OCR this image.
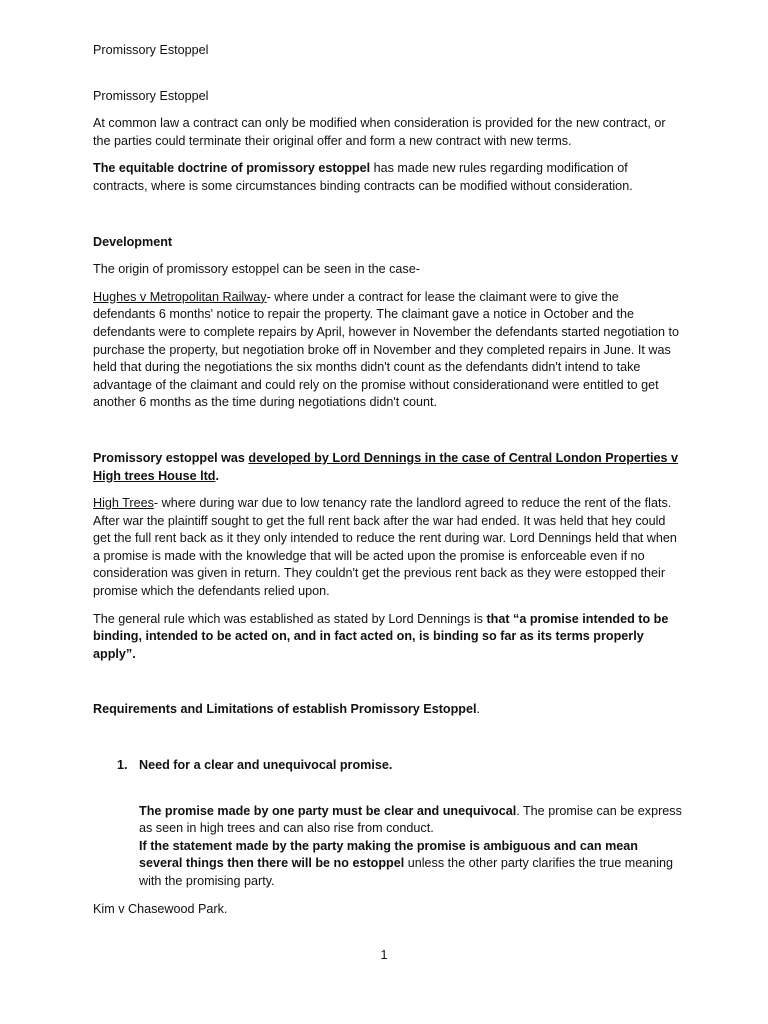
Promissory Estoppel

Promissory Estoppel

At common law a contract can only be modified when consideration is provided for the new contract, or the parties could terminate their original offer and form a new contract with new terms.

The equitable doctrine of promissory estoppel has made new rules regarding modification of contracts, where is some circumstances binding contracts can be modified without consideration.

Development

The origin of promissory estoppel can be seen in the case-

Hughes v Metropolitan Railway- where under a contract for lease the claimant were to give the defendants 6 months' notice to repair the property. The claimant gave a notice in October and the defendants were to complete repairs by April, however in November the defendants started negotiation to purchase the property, but negotiation broke off in November and they completed repairs in June. It was held that during the negotiations the six months didn't count as the defendants didn't intend to take advantage of the claimant and could rely on the promise without considerationand were entitled to get another 6 months as the time during negotiations didn't count.

Promissory estoppel was developed by Lord Dennings in the case of Central London Properties v High trees House ltd.

High Trees- where during war due to low tenancy rate the landlord agreed to reduce the rent of the flats. After war the plaintiff sought to get the full rent back after the war had ended. It was held that hey could get the full rent back as it they only intended to reduce the rent during war. Lord Dennings held that when a promise is made with the knowledge that will be acted upon the promise is enforceable even if no consideration was given in return. They couldn't get the previous rent back as they were estopped their promise which the defendants relied upon.

The general rule which was established as stated by Lord Dennings is that “a promise intended to be binding, intended to be acted on, and in fact acted on, is binding so far as its terms properly apply”.

Requirements and Limitations of establish Promissory Estoppel.

1. Need for a clear and unequivocal promise.

The promise made by one party must be clear and unequivocal. The promise can be express as seen in high trees and can also rise from conduct.

If the statement made by the party making the promise is ambiguous and can mean several things then there will be no estoppel unless the other party clarifies the true meaning with the promising party.

Kim v Chasewood Park.

1
